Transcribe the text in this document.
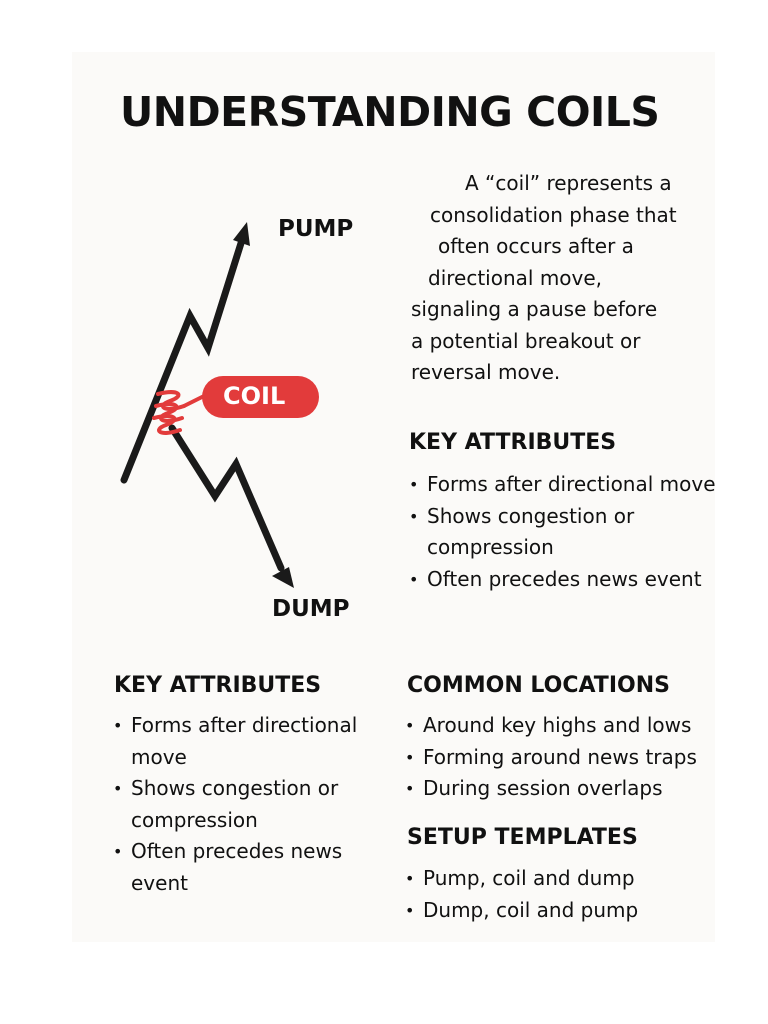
UNDERSTANDING COILS
PUMP
DUMP
COIL
A “coil” represents a
consolidation phase that
often occurs after a
directional move,
signaling a pause before
a potential breakout or
reversal move.
KEY ATTRIBUTES
• Forms after directional move
• Shows congestion or
compression
• Often precedes news event
KEY ATTRIBUTES
• Forms after directional
move
• Shows congestion or
compression
• Often precedes news
event
COMMON LOCATIONS
• Around key highs and lows
• Forming around news traps
• During session overlaps
SETUP TEMPLATES
• Pump, coil and dump
• Dump, coil and pump
